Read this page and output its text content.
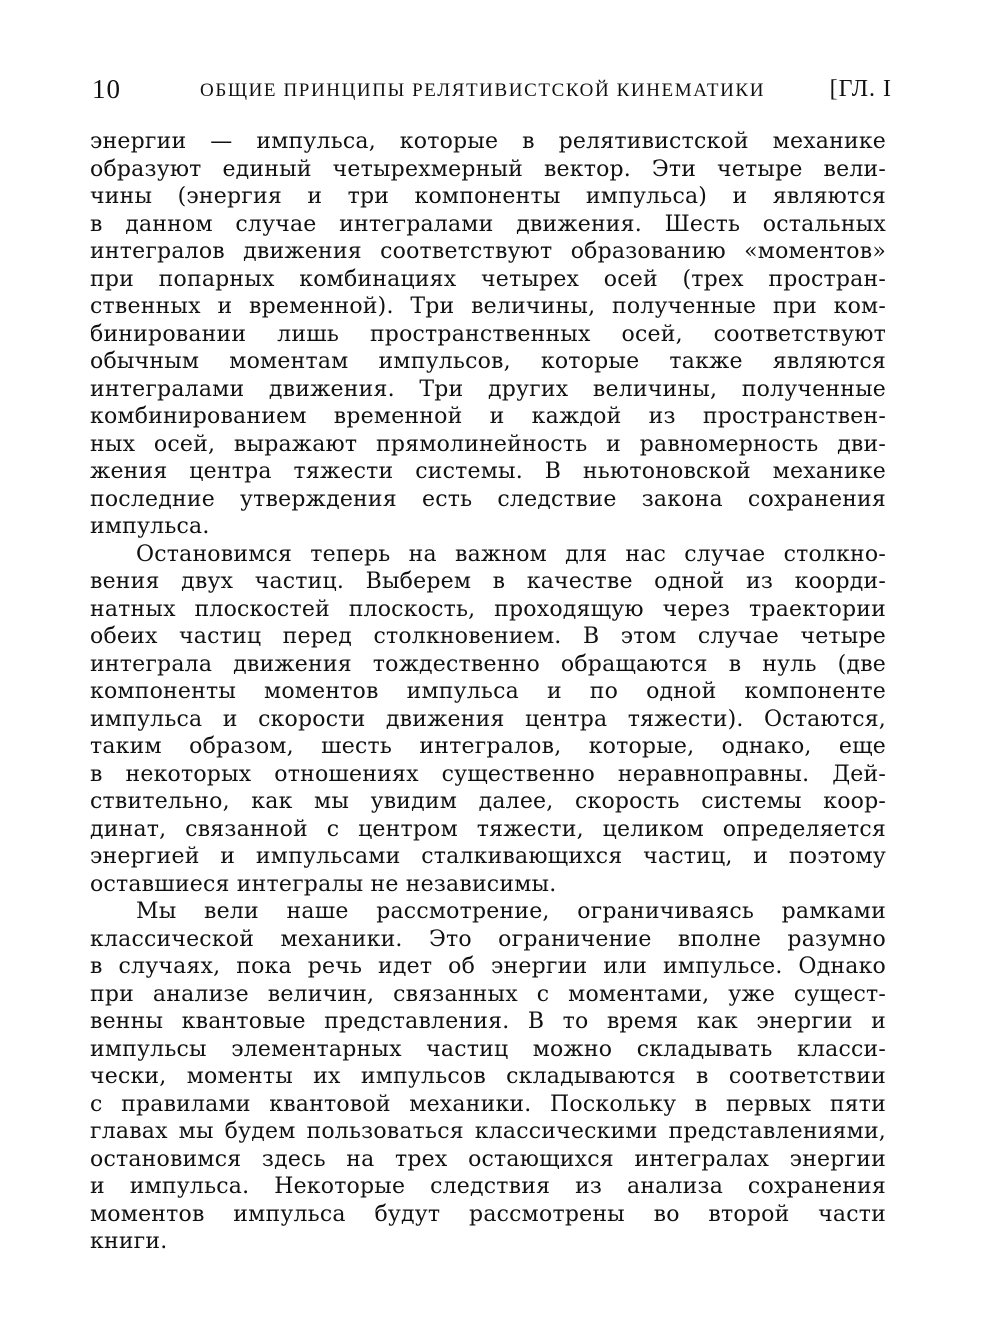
10	ОБЩИЕ ПРИНЦИПЫ РЕЛЯТИВИСТСКОЙ КИНЕМАТИКИ	[ГЛ. I
энергии — импульса, которые в релятивистской механике
образуют единый четырехмерный вектор. Эти четыре вели-
чины (энергия и три компоненты импульса) и являются
в данном случае интегралами движения. Шесть остальных
интегралов движения соответствуют образованию «моментов»
при попарных комбинациях четырех осей (трех простран-
ственных и временной). Три величины, полученные при ком-
бинировании лишь пространственных осей, соответствуют
обычным моментам импульсов, которые также являются
интегралами движения. Три других величины, полученные
комбинированием временной и каждой из пространствен-
ных осей, выражают прямолинейность и равномерность дви-
жения центра тяжести системы. В ньютоновской механике
последние утверждения есть следствие закона сохранения
импульса.
Остановимся теперь на важном для нас случае столкно-
вения двух частиц. Выберем в качестве одной из коорди-
натных плоскостей плоскость, проходящую через траектории
обеих частиц перед столкновением. В этом случае четыре
интеграла движения тождественно обращаются в нуль (две
компоненты моментов импульса и по одной компоненте
импульса и скорости движения центра тяжести). Остаются,
таким образом, шесть интегралов, которые, однако, еще
в некоторых отношениях существенно неравноправны. Дей-
ствительно, как мы увидим далее, скорость системы коор-
динат, связанной с центром тяжести, целиком определяется
энергией и импульсами сталкивающихся частиц, и поэтому
оставшиеся интегралы не независимы.
Мы вели наше рассмотрение, ограничиваясь рамками
классической механики. Это ограничение вполне разумно
в случаях, пока речь идет об энергии или импульсе. Однако
при анализе величин, связанных с моментами, уже сущест-
венны квантовые представления. В то время как энергии и
импульсы элементарных частиц можно складывать класси-
чески, моменты их импульсов складываются в соответствии
с правилами квантовой механики. Поскольку в первых пяти
главах мы будем пользоваться классическими представлениями,
остановимся здесь на трех остающихся интегралах энергии
и импульса. Некоторые следствия из анализа сохранения
моментов импульса будут рассмотрены во второй части
книги.
